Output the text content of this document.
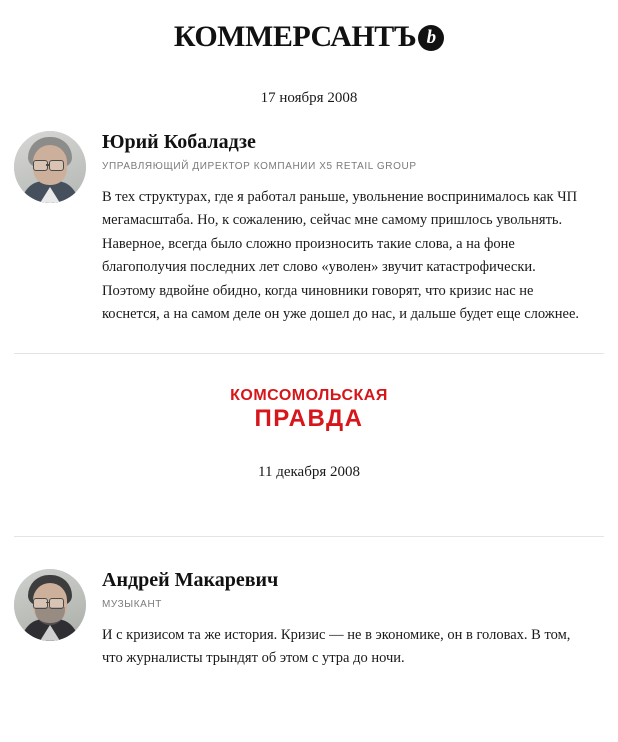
КОММЕРСАНТЪ b
17 ноября 2008
Юрий Кобаладзе
УПРАВЛЯЮЩИЙ ДИРЕКТОР КОМПАНИИ X5 RETAIL GROUP
В тех структурах, где я работал раньше, увольнение воспринималось как ЧП мегамасштаба. Но, к сожалению, сейчас мне самому пришлось увольнять. Наверное, всегда было сложно произносить такие слова, а на фоне благополучия последних лет слово «уволен» звучит катастрофически. Поэтому вдвойне обидно, когда чиновники говорят, что кризис нас не коснется, а на самом деле он уже дошел до нас, и дальше будет еще сложнее.
КОМСОМОЛЬСКАЯ
ПРАВДА
11 декабря 2008
Андрей Макаревич
МУЗЫКАНТ
И с кризисом та же история. Кризис — не в экономике, он в головах. В том, что журналисты трындят об этом с утра до ночи.
